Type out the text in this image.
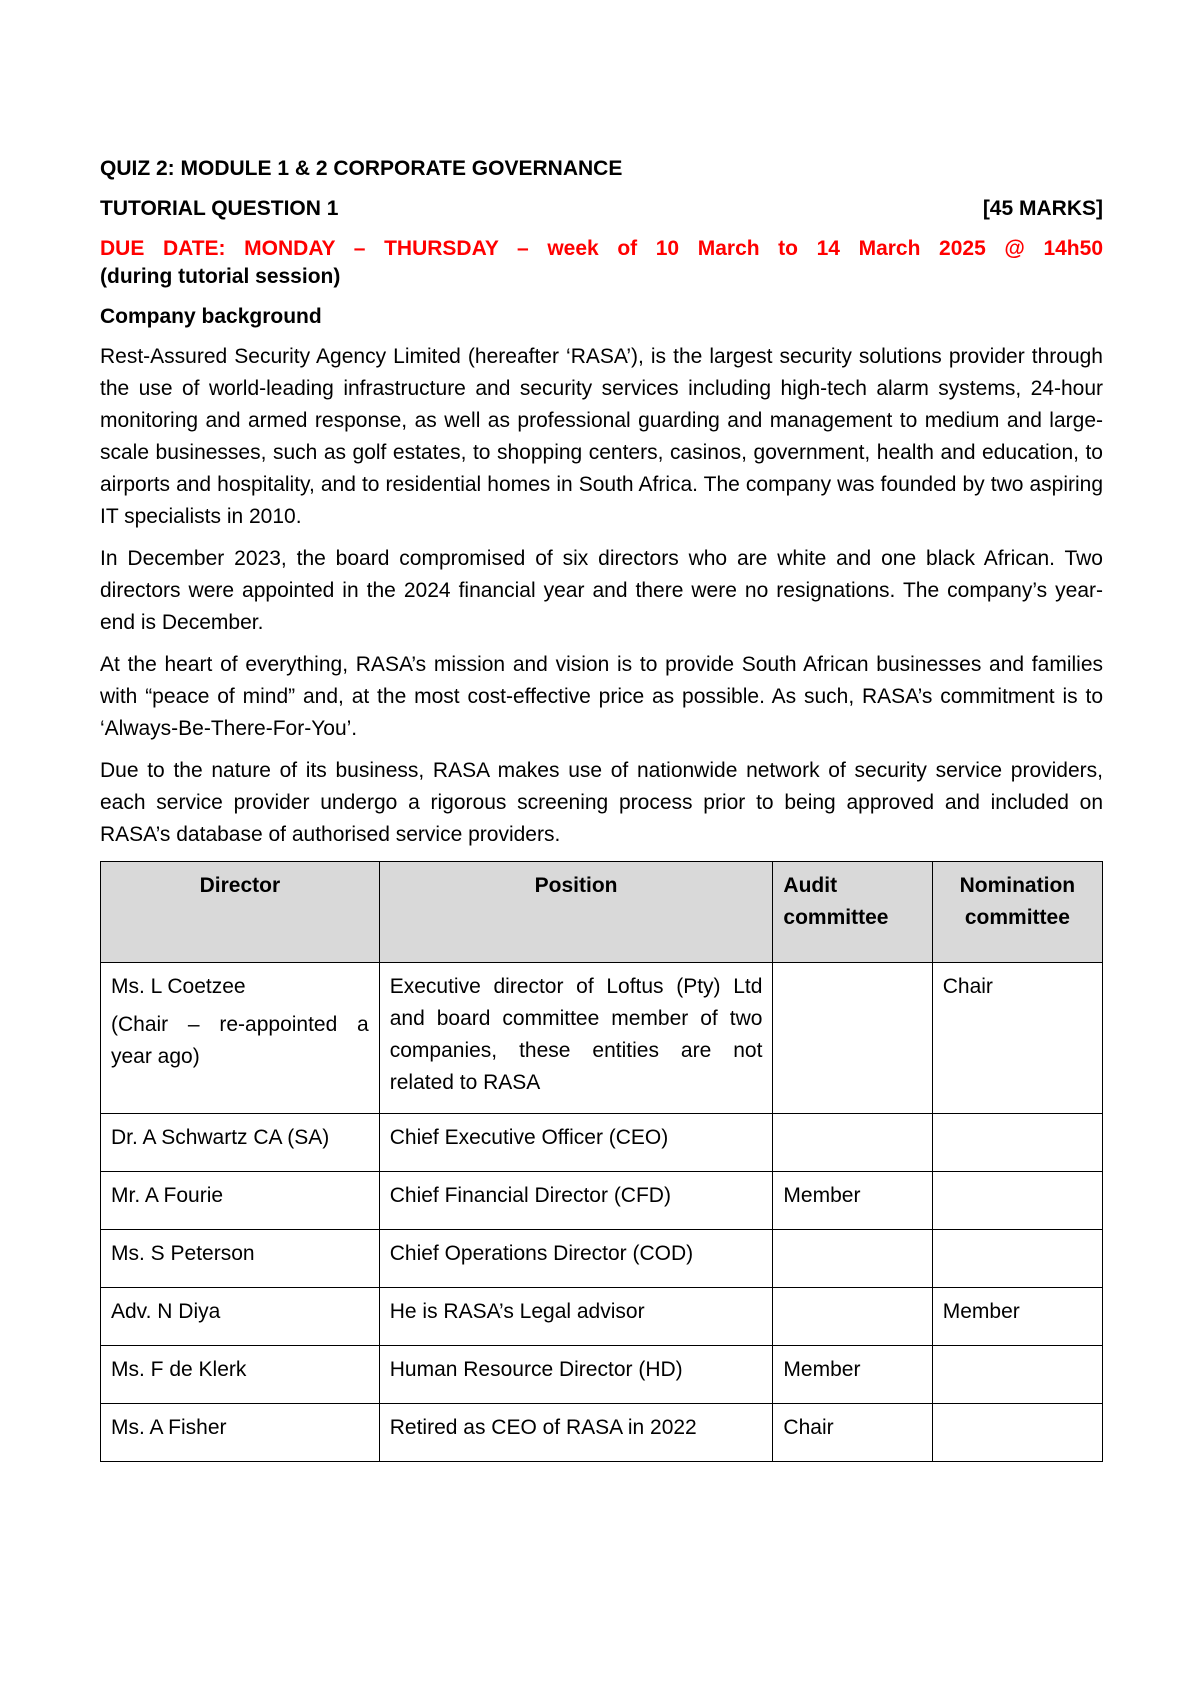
QUIZ 2: MODULE 1 & 2 CORPORATE GOVERNANCE

TUTORIAL QUESTION 1	[45 MARKS]

DUE DATE: MONDAY – THURSDAY – week of 10 March to 14 March 2025 @ 14h50

(during tutorial session)

Company background

Rest-Assured Security Agency Limited (hereafter ‘RASA’), is the largest security solutions provider through the use of world-leading infrastructure and security services including high-tech alarm systems, 24-hour monitoring and armed response, as well as professional guarding and management to medium and large-scale businesses, such as golf estates, to shopping centers, casinos, government, health and education, to airports and hospitality, and to residential homes in South Africa. The company was founded by two aspiring IT specialists in 2010.

In December 2023, the board compromised of six directors who are white and one black African. Two directors were appointed in the 2024 financial year and there were no resignations. The company’s year-end is December.

At the heart of everything, RASA’s mission and vision is to provide South African businesses and families with “peace of mind” and, at the most cost-effective price as possible. As such, RASA’s commitment is to ‘Always-Be-There-For-You’.

Due to the nature of its business, RASA makes use of nationwide network of security service providers, each service provider undergo a rigorous screening process prior to being approved and included on RASA’s database of authorised service providers.

Director	Position	Audit committee	Nomination committee

Ms. L Coetzee
(Chair – re-appointed a year ago)	Executive director of Loftus (Pty) Ltd and board committee member of two companies, these entities are not related to RASA		Chair
Dr. A Schwartz CA (SA)	Chief Executive Officer (CEO)		
Mr. A Fourie	Chief Financial Director (CFD)	Member	
Ms. S Peterson	Chief Operations Director (COD)		
Adv. N Diya	He is RASA’s Legal advisor		Member
Ms. F de Klerk	Human Resource Director (HD)	Member	
Ms. A Fisher	Retired as CEO of RASA in 2022	Chair	
